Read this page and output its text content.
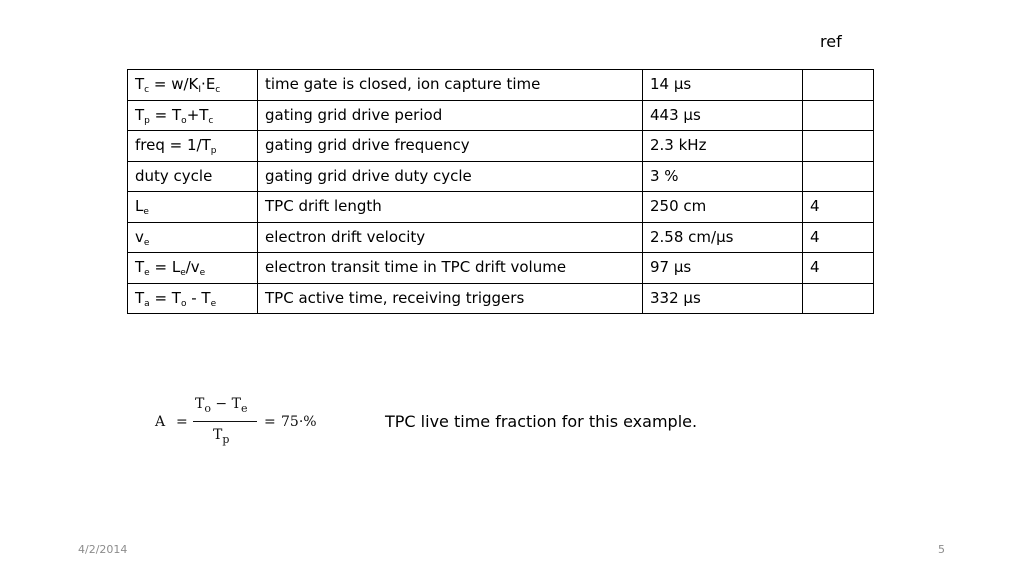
ref
$T_c = w/K_I\cdot E_c$	time gate is closed, ion capture time	14 µs	
$T_p = T_o+T_c$	gating grid drive period	443 µs	
freq = $1/T_p$	gating grid drive frequency	2.3 kHz	
duty cycle	gating grid drive duty cycle	3 %	
$L_e$	TPC drift length	250 cm	4
$v_e$	electron drift velocity	2.58 cm/µs	4
$T_e = L_e/v_e$	electron transit time in TPC drift volume	97 µs	4
$T_a = T_o - T_e$	TPC active time, receiving triggers	332 µs	
A =
$T_o - T_e$
$T_p$
= 75·%	TPC live time fraction for this example.
4/2/2014	5
